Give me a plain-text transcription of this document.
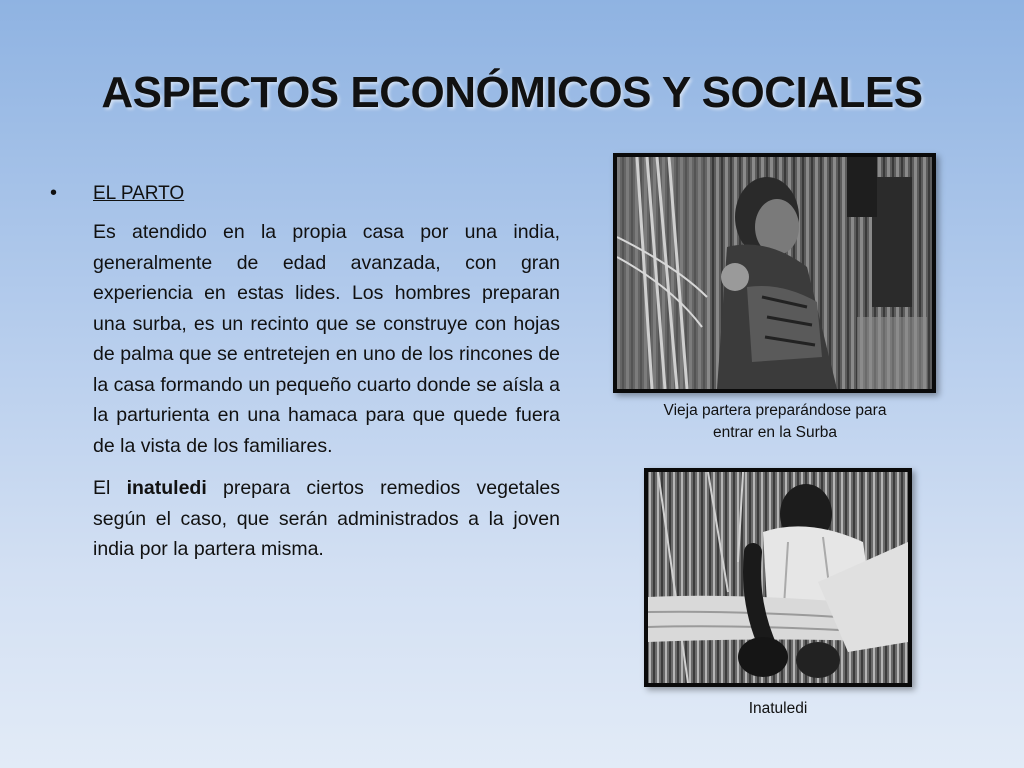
ASPECTOS ECONÓMICOS Y SOCIALES
•	EL PARTO
Es atendido en la propia casa por una india, generalmente de edad avanzada, con gran experiencia en estas lides. Los hombres preparan una surba, es un recinto que se construye con hojas de palma que se entretejen en uno de los rincones de la casa formando un pequeño cuarto donde se aísla a la parturienta en una hamaca para que quede fuera de la vista de los familiares.
El inatuledi prepara ciertos remedios vegetales según el caso, que serán administrados a la joven india por la partera misma.
Vieja partera preparándose para
entrar en la Surba
Inatuledi
